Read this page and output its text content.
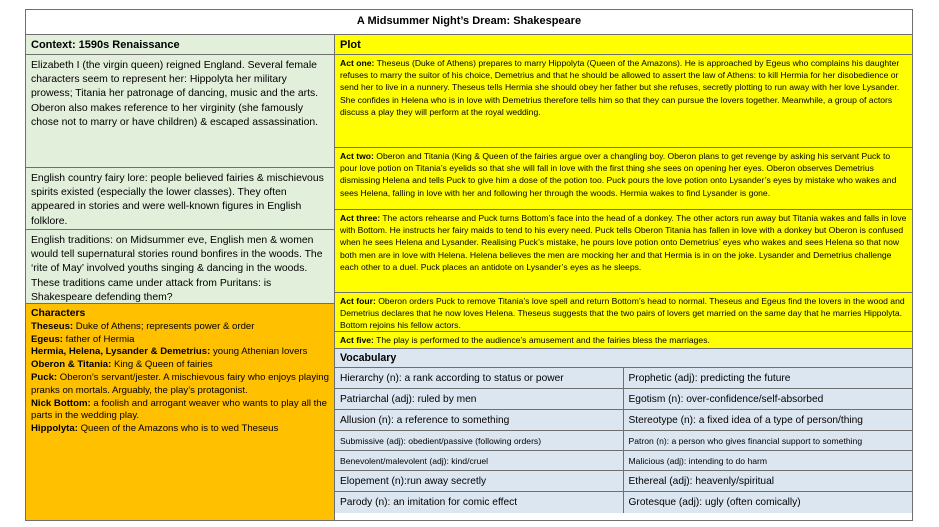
A Midsummer Night’s Dream: Shakespeare
Context: 1590s Renaissance
Elizabeth I (the virgin queen) reigned England. Several female characters seem to represent her: Hippolyta her military prowess; Titania her patronage of dancing, music and the arts. Oberon also makes reference to her virginity (she famously chose not to marry or have children) & escaped assassination.
English country fairy lore: people believed fairies & mischievous spirits existed (especially the lower classes). They often appeared in stories and were well-known figures in English folklore.
English traditions: on Midsummer eve, English men & women would tell supernatural stories round bonfires in the woods. The ‘rite of May’ involved youths singing & dancing in the woods. These traditions came under attack from Puritans: is Shakespeare defending them?
Characters
Theseus: Duke of Athens; represents power & order
Egeus: father of Hermia
Hermia, Helena, Lysander & Demetrius: young Athenian lovers
Oberon & Titania: King & Queen of fairies
Puck: Oberon’s servant/jester. A mischievous fairy who enjoys playing pranks on mortals. Arguably, the play’s protagonist.
Nick Bottom: a foolish and arrogant weaver who wants to play all the parts in the wedding play.
Hippolyta: Queen of the Amazons who is to wed Theseus
Plot
Act one: Theseus (Duke of Athens) prepares to marry Hippolyta (Queen of the Amazons). He is approached by Egeus who complains his daughter refuses to marry the suitor of his choice, Demetrius and that he should be allowed to assert the law of Athens: to kill Hermia for her disobedience or send her to live in a nunnery. Theseus tells Hermia she should obey her father but she refuses, secretly plotting to run away with her love Lysander. She confides in Helena who is in love with Demetrius therefore tells him so that they can pursue the lovers together. Meanwhile, a group of actors discuss a play they will perform at the royal wedding.
Act two: Oberon and Titania (King & Queen of the fairies argue over a changling boy. Oberon plans to get revenge by asking his servant Puck to pour love potion on Titania’s eyelids so that she will fall in love with the first thing she sees on opening her eyes. Oberon observes Demetrius dismissing Helena and tells Puck to give him a dose of the potion too. Puck pours the love potion onto Lysander’s eyes by mistake who wakes and sees Helena, falling in love with her and following her through the woods. Hermia wakes to find Lysander is gone.
Act three: The actors rehearse and Puck turns Bottom’s face into the head of a donkey. The other actors run away but Titania wakes and falls in love with Bottom. He instructs her fairy maids to tend to his every need. Puck tells Oberon Titania has fallen in love with a donkey but Oberon is confused when he sees Helena and Lysander. Realising Puck’s mistake, he pours love potion onto Demetrius’ eyes who wakes and sees Helena so that now both men are in love with Helena. Helena believes the men are mocking her and that Hermia is in on the joke. Lysander and Demetrius challenge each other to a duel. Puck places an antidote on Lysander’s eyes as he sleeps.
Act four: Oberon orders Puck to remove Titania’s love spell and return Bottom’s head to normal. Theseus and Egeus find the lovers in the wood and Demetrius declares that he now loves Helena. Theseus suggests that the two pairs of lovers get married on the same day that he marries Hippolyta. Bottom rejoins his fellow actors.
Act five: The play is performed to the audience’s amusement and the fairies bless the marriages.
Vocabulary
Hierarchy (n): a rank according to status or power	Prophetic (adj): predicting the future
Patriarchal (adj): ruled by men	Egotism (n): over-confidence/self-absorbed
Allusion (n): a reference to something	Stereotype (n): a fixed idea of a type of person/thing
Submissive (adj): obedient/passive (following orders)	Patron (n): a person who gives financial support to something
Benevolent/malevolent (adj): kind/cruel	Malicious (adj): intending to do harm
Elopement (n):run away secretly	Ethereal (adj): heavenly/spiritual
Parody (n): an imitation for comic effect	Grotesque (adj): ugly (often comically)
